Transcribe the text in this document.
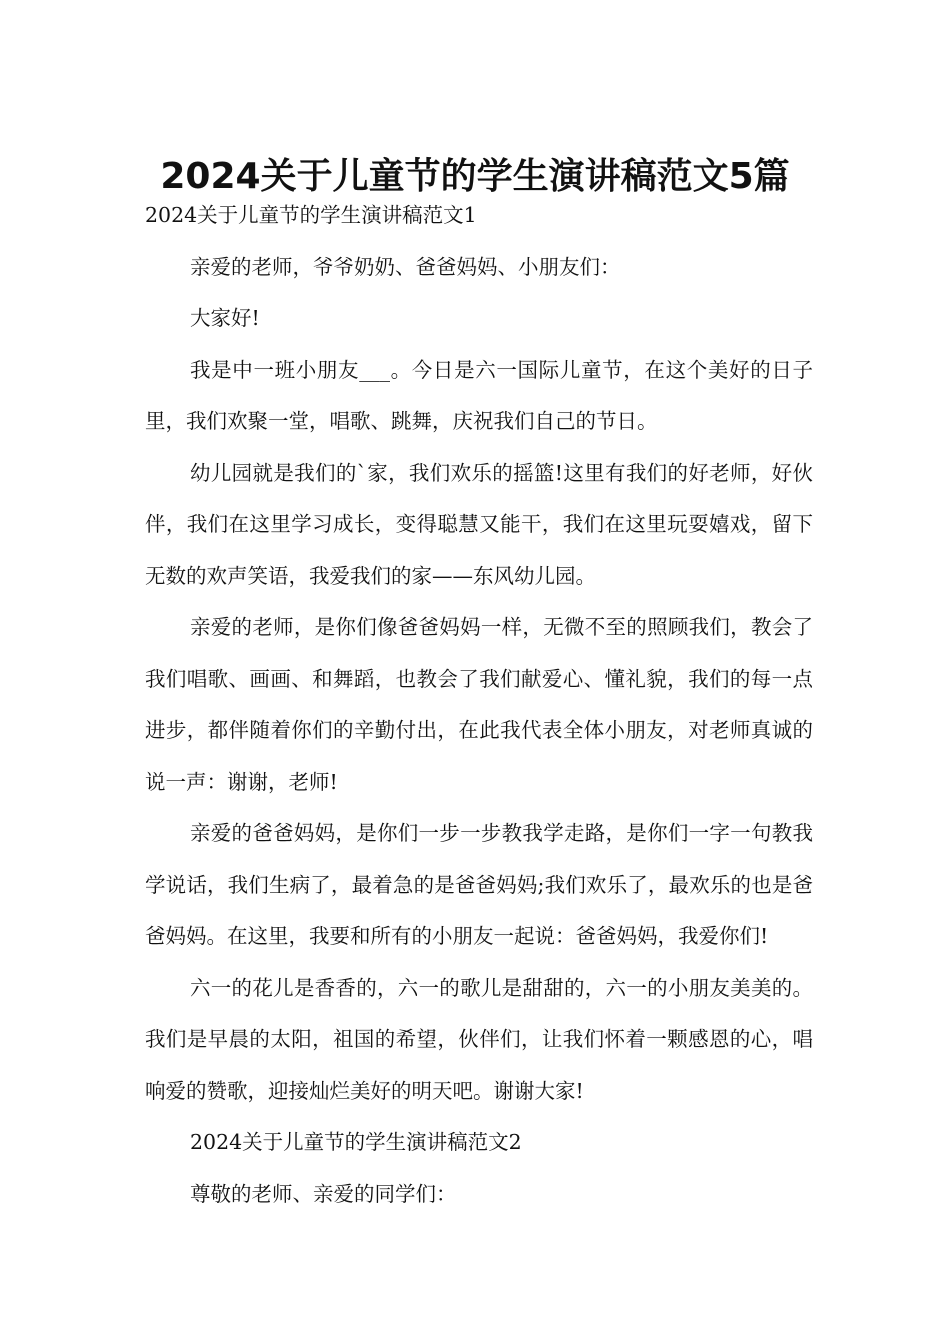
2024关于儿童节的学生演讲稿范文5篇

2024关于儿童节的学生演讲稿范文1

亲爱的老师，爷爷奶奶、爸爸妈妈、小朋友们：

大家好!

我是中一班小朋友___。今日是六一国际儿童节，在这个美好的日子里，我们欢聚一堂，唱歌、跳舞，庆祝我们自己的节日。

幼儿园就是我们的`家，我们欢乐的摇篮!这里有我们的好老师，好伙伴，我们在这里学习成长，变得聪慧又能干，我们在这里玩耍嬉戏，留下无数的欢声笑语，我爱我们的家——东风幼儿园。

亲爱的老师，是你们像爸爸妈妈一样，无微不至的照顾我们，教会了我们唱歌、画画、和舞蹈，也教会了我们献爱心、懂礼貌，我们的每一点进步，都伴随着你们的辛勤付出，在此我代表全体小朋友，对老师真诚的说一声：谢谢，老师!

亲爱的爸爸妈妈，是你们一步一步教我学走路，是你们一字一句教我学说话，我们生病了，最着急的是爸爸妈妈;我们欢乐了，最欢乐的也是爸爸妈妈。在这里，我要和所有的小朋友一起说：爸爸妈妈，我爱你们!

六一的花儿是香香的，六一的歌儿是甜甜的，六一的小朋友美美的。我们是早晨的太阳，祖国的希望，伙伴们，让我们怀着一颗感恩的心，唱响爱的赞歌，迎接灿烂美好的明天吧。谢谢大家!

2024关于儿童节的学生演讲稿范文2

尊敬的老师、亲爱的同学们：
